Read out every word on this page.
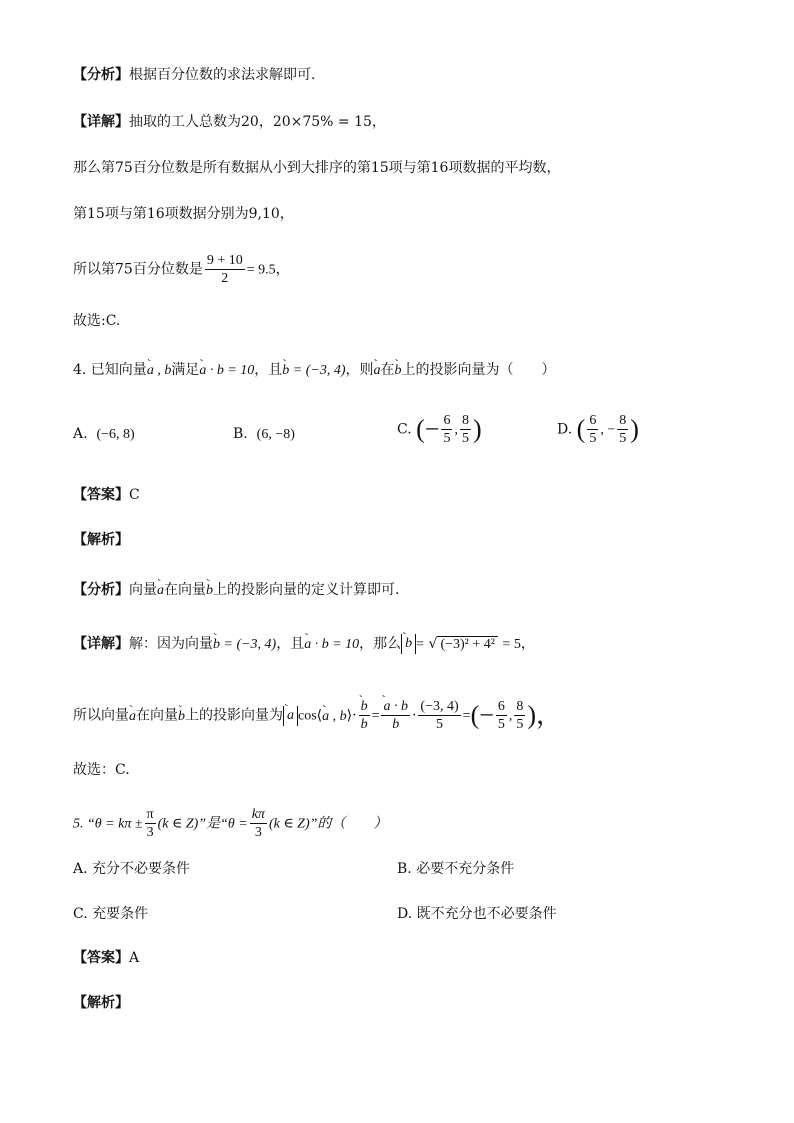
【分析】根据百分位数的求法求解即可.
【详解】抽取的工人总数为20，20×75% = 15，
那么第75百分位数是所有数据从小到大排序的第15项与第16项数据的平均数，
第15项与第16项数据分别为9,10，
所以第75百分位数是 $\frac{9 + 10}{2} = 9.5$，
故选:C.
4. 已知向量˞ a , b满足˞ a · b = 10，且˞ b = (−3, 4)，则˞ a在˞ b上的投影向量为（　　）
A. (−6, 8)	B. (6, −8)	C. (− $\frac{6}{5}$ , $\frac{8}{5}$ )	D. ( $\frac{6}{5}$ , − $\frac{8}{5}$ )
【答案】C
【解析】
【分析】向量˞ a在向量˞ b上的投影向量的定义计算即可.
【详解】解：因为向量˞ b = (−3, 4)，且˞ a · b = 10，那么 ˞ b = √ (−3)² + 4² = 5，
所以向量˞ a在向量˞ b上的投影向量为 ˞ a cos⟨˞ a , b⟩· ˞ $\frac{b}{b}$ = ˞ $\frac{a \cdot b}{b} \cdot \frac{(-3, 4)}{5}$ =(− $\frac{6}{5}$ , $\frac{8}{5}$ )，
故选：C.
5. “$\theta = k\pi \pm \frac{\pi}{3} (k$ ∈ Z)”是“$\theta = \frac{k\pi}{3} (k$ ∈ Z)”的（　　）
A. 充分不必要条件	B. 必要不充分条件
C. 充要条件	D. 既不充分也不必要条件
【答案】A
【解析】
